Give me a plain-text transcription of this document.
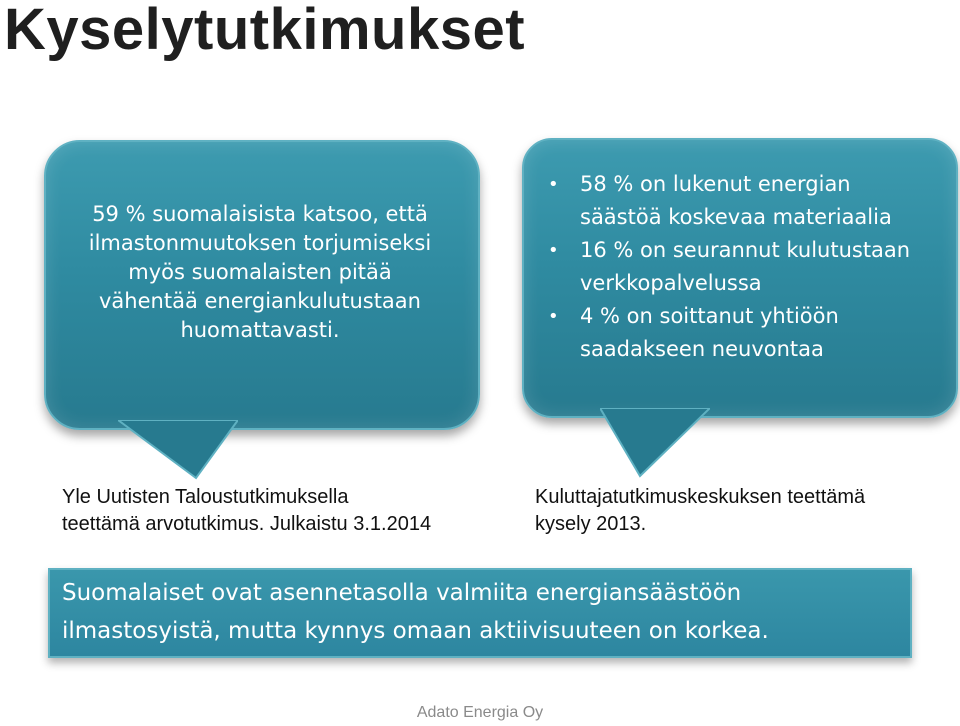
Kyselytutkimukset
59 % suomalaisista katsoo, että
ilmastonmuutoksen torjumiseksi
myös suomalaisten pitää
vähentää energiankulutustaan
huomattavasti.
• 58 % on lukenut energian
säästöä koskevaa materiaalia
• 16 % on seurannut kulutustaan
verkkopalvelussa
• 4 % on soittanut yhtiöön
saadakseen neuvontaa
Yle Uutisten Taloustutkimuksella
teettämä arvotutkimus. Julkaistu 3.1.2014
Kuluttajatutkimuskeskuksen teettämä
kysely 2013.
Suomalaiset ovat asennetasolla valmiita energiansäästöön
ilmastosyistä, mutta kynnys omaan aktiivisuuteen on korkea.
Adato Energia Oy
